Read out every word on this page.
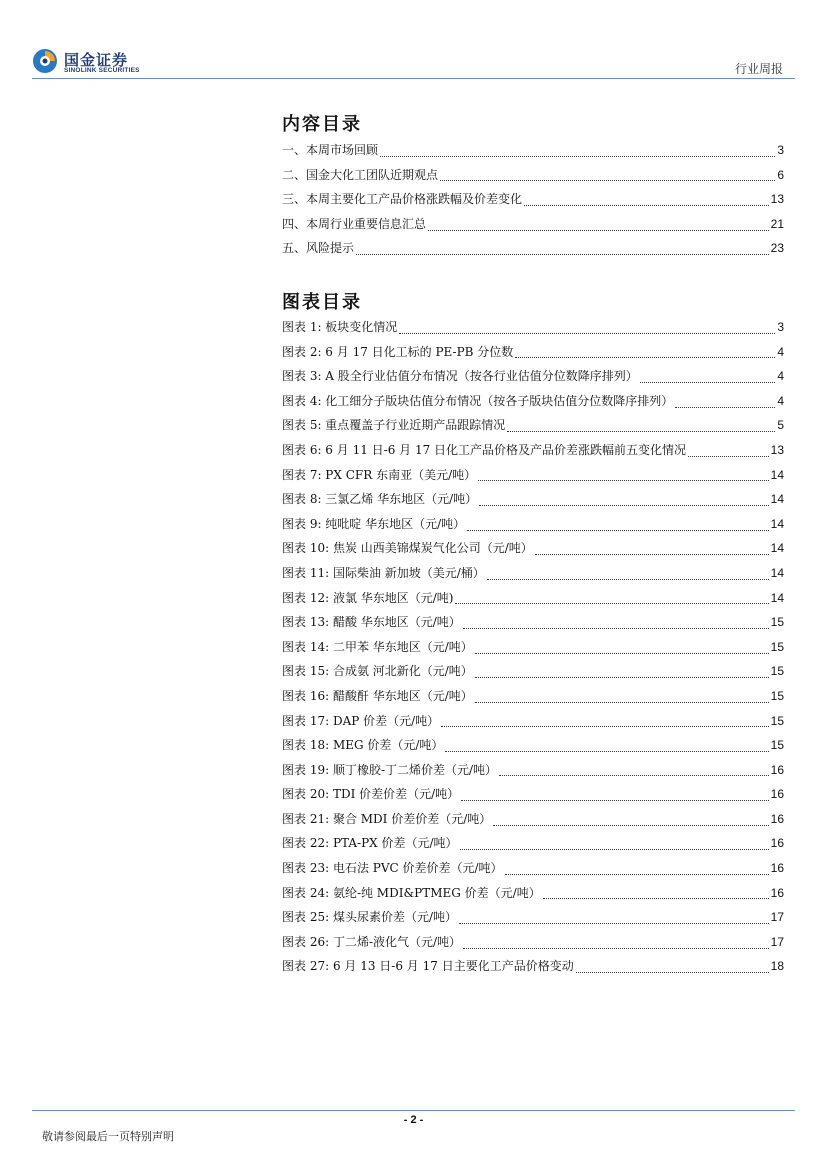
国金证券
SINOLINK SECURITIES	行业周报
内容目录
一、本周市场回顾	3
二、国金大化工团队近期观点	6
三、本周主要化工产品价格涨跌幅及价差变化	13
四、本周行业重要信息汇总	21
五、风险提示	23
图表目录
图表 1: 板块变化情况	3
图表 2: 6 月 17 日化工标的 PE-PB 分位数	4
图表 3: A 股全行业估值分布情况（按各行业估值分位数降序排列）	4
图表 4: 化工细分子版块估值分布情况（按各子版块估值分位数降序排列）	4
图表 5: 重点覆盖子行业近期产品跟踪情况	5
图表 6: 6 月 11 日-6 月 17 日化工产品价格及产品价差涨跌幅前五变化情况	13
图表 7: PX CFR 东南亚（美元/吨）	14
图表 8: 三氯乙烯 华东地区（元/吨）	14
图表 9: 纯吡啶 华东地区（元/吨）	14
图表 10: 焦炭 山西美锦煤炭气化公司（元/吨）	14
图表 11: 国际柴油 新加坡（美元/桶）	14
图表 12: 液氯 华东地区（元/吨)	14
图表 13: 醋酸 华东地区（元/吨）	15
图表 14: 二甲苯 华东地区（元/吨）	15
图表 15: 合成氨 河北新化（元/吨）	15
图表 16: 醋酸酐 华东地区（元/吨）	15
图表 17: DAP 价差（元/吨）	15
图表 18: MEG 价差（元/吨）	15
图表 19: 顺丁橡胶-丁二烯价差（元/吨）	16
图表 20: TDI 价差价差（元/吨）	16
图表 21: 聚合 MDI 价差价差（元/吨）	16
图表 22: PTA-PX 价差（元/吨）	16
图表 23: 电石法 PVC 价差价差（元/吨）	16
图表 24: 氨纶-纯 MDI&PTMEG 价差（元/吨）	16
图表 25: 煤头尿素价差（元/吨）	17
图表 26: 丁二烯-液化气（元/吨）	17
图表 27: 6 月 13 日-6 月 17 日主要化工产品价格变动	18
- 2 -
敬请参阅最后一页特别声明
